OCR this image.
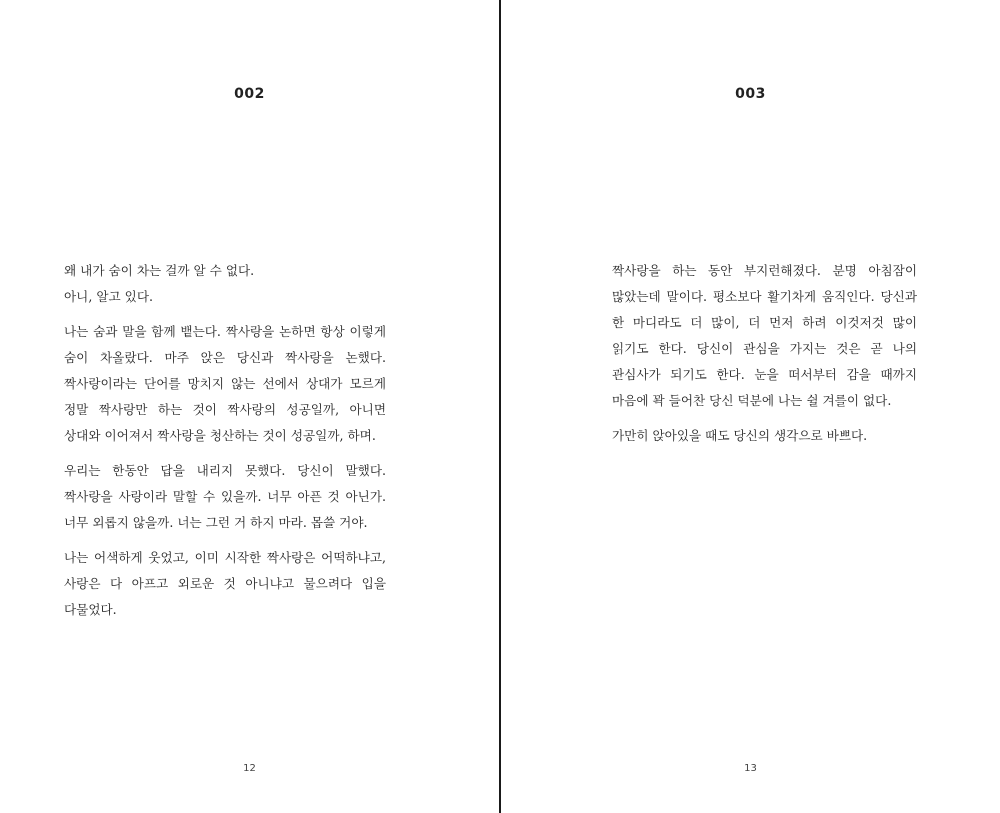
002

왜 내가 숨이 차는 걸까 알 수 없다.
아니, 알고 있다.

나는 숨과 말을 함께 뱉는다. 짝사랑을 논하면 항상 이렇게 숨이 차올랐다. 마주 앉은 당신과 짝사랑을 논했다. 짝사랑이라는 단어를 망치지 않는 선에서 상대가 모르게 정말 짝사랑만 하는 것이 짝사랑의 성공일까, 아니면 상대와 이어져서 짝사랑을 청산하는 것이 성공일까, 하며.

우리는 한동안 답을 내리지 못했다. 당신이 말했다. 짝사랑을 사랑이라 말할 수 있을까. 너무 아픈 것 아닌가. 너무 외롭지 않을까. 너는 그런 거 하지 마라. 몹쓸 거야.

나는 어색하게 웃었고, 이미 시작한 짝사랑은 어떡하냐고, 사랑은 다 아프고 외로운 것 아니냐고 물으려다 입을 다물었다.

12
003

짝사랑을 하는 동안 부지런해졌다. 분명 아침잠이 많았는데 말이다. 평소보다 활기차게 움직인다. 당신과 한 마디라도 더 많이, 더 먼저 하려 이것저것 많이 읽기도 한다. 당신이 관심을 가지는 것은 곧 나의 관심사가 되기도 한다. 눈을 떠서부터 감을 때까지 마음에 꽉 들어찬 당신 덕분에 나는 쉴 겨를이 없다.

가만히 앉아있을 때도 당신의 생각으로 바쁘다.

13
